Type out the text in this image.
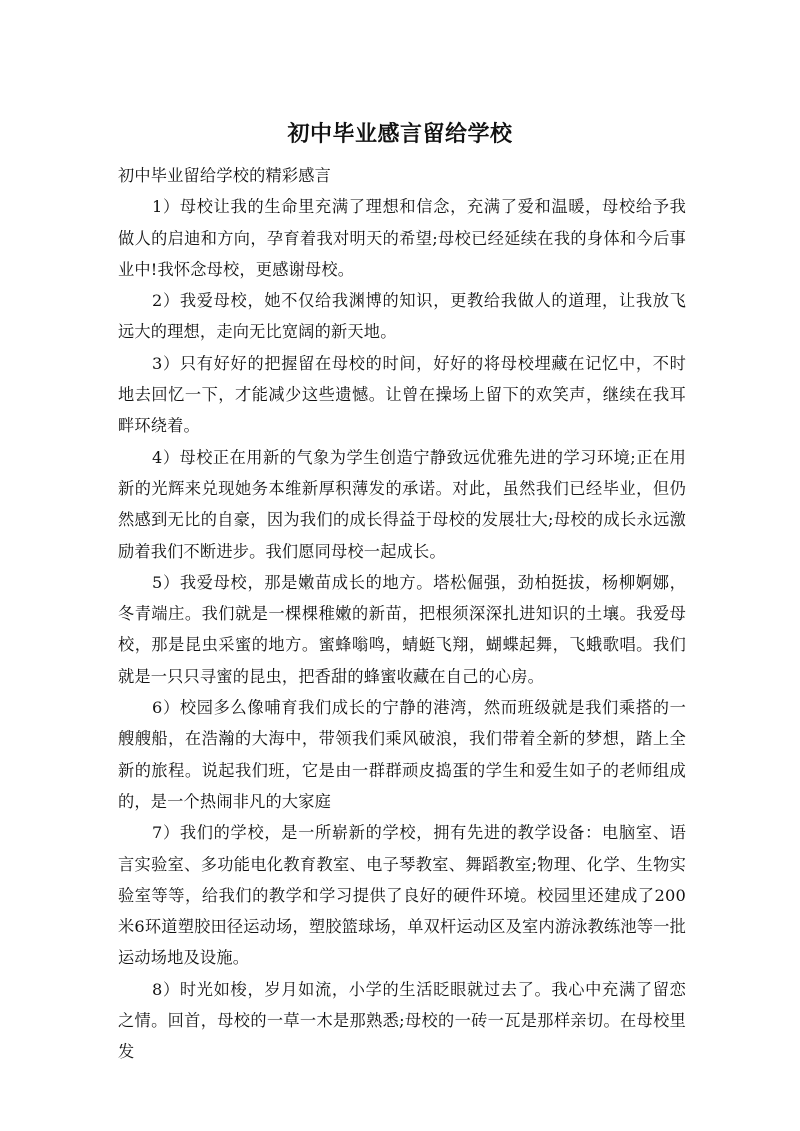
初中毕业感言留给学校

初中毕业留给学校的精彩感言

1）母校让我的生命里充满了理想和信念，充满了爱和温暖，母校给予我做人的启迪和方向，孕育着我对明天的希望;母校已经延续在我的身体和今后事业中!我怀念母校，更感谢母校。

2）我爱母校，她不仅给我渊博的知识，更教给我做人的道理，让我放飞远大的理想，走向无比宽阔的新天地。

3）只有好好的把握留在母校的时间，好好的将母校埋藏在记忆中，不时地去回忆一下，才能减少这些遗憾。让曾在操场上留下的欢笑声，继续在我耳畔环绕着。

4）母校正在用新的气象为学生创造宁静致远优雅先进的学习环境;正在用新的光辉来兑现她务本维新厚积薄发的承诺。对此，虽然我们已经毕业，但仍然感到无比的自豪，因为我们的成长得益于母校的发展壮大;母校的成长永远激励着我们不断进步。我们愿同母校一起成长。

5）我爱母校，那是嫩苗成长的地方。塔松倔强，劲柏挺拔，杨柳婀娜，冬青端庄。我们就是一棵棵稚嫩的新苗，把根须深深扎进知识的土壤。我爱母校，那是昆虫采蜜的地方。蜜蜂嗡鸣，蜻蜓飞翔，蝴蝶起舞，飞蛾歌唱。我们就是一只只寻蜜的昆虫，把香甜的蜂蜜收藏在自己的心房。

6）校园多么像哺育我们成长的宁静的港湾，然而班级就是我们乘搭的一艘艘船，在浩瀚的大海中，带领我们乘风破浪，我们带着全新的梦想，踏上全新的旅程。说起我们班，它是由一群群顽皮捣蛋的学生和爱生如子的老师组成的，是一个热闹非凡的大家庭

7）我们的学校，是一所崭新的学校，拥有先进的教学设备：电脑室、语言实验室、多功能电化教育教室、电子琴教室、舞蹈教室;物理、化学、生物实验室等等，给我们的教学和学习提供了良好的硬件环境。校园里还建成了200米6环道塑胶田径运动场，塑胶篮球场，单双杆运动区及室内游泳教练池等一批运动场地及设施。

8）时光如梭，岁月如流，小学的生活眨眼就过去了。我心中充满了留恋之情。回首，母校的一草一木是那熟悉;母校的一砖一瓦是那样亲切。在母校里发
